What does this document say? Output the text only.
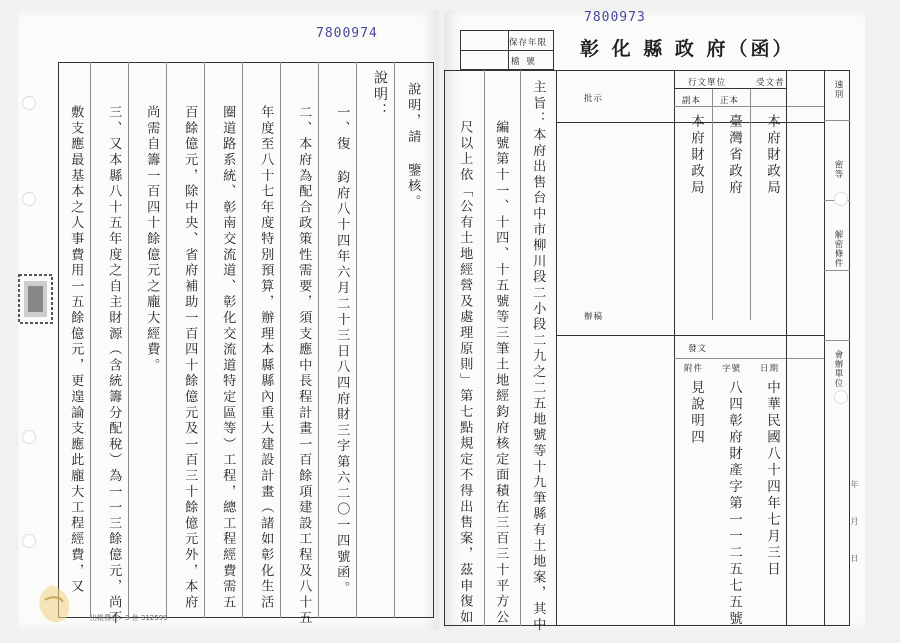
7800974
說明，請 鑒核。
說明：
一、復 鈞府八十四年六月二十三日八四府財三字第六二〇一四號函。
二、本府為配合政策性需要，須支應中長程計畫一百餘項建設工程及八十五
年度至八十七年度特別預算，辦理本縣縣內重大建設計畫（諸如彰化生活
圈道路系統、彰南交流道、彰化交流道特定區等）工程，總工程經費需五
百餘億元，除中央、省府補助一百四十餘億元及一百三十餘億元外，本府
尚需自籌一百四十餘億元之龐大經費。
三、又本縣八十五年度之自主財源（含統籌分配稅）為一一三餘億元，尚不
敷支應最基本之人事費用一五餘億元，更遑論支應此龐大工程經費，又
出帳費表：3 世 312599
7800973
保存年限
檔 號
彰 化 縣 政 府（函）
主旨：本府出售台中市柳川段二小段二九之二五地號等十九筆縣有土地案，其中
編號第十一、十四、十五號等三筆土地經鈞府核定面積在三百三十平方公
尺以上依「公有土地經營及處理原則」第七點規定不得出售案，茲申復如
批示
辦稿
行文單位
副本 正本
受文者
本府財政局 臺灣省政府 本府財政局
發文
附件 字號 日期
見說明四 八四彰府財產字第一一二五七五號 中華民國八十四年七月三日
速別
密等
解密條件
會辦單位
年 月 日
